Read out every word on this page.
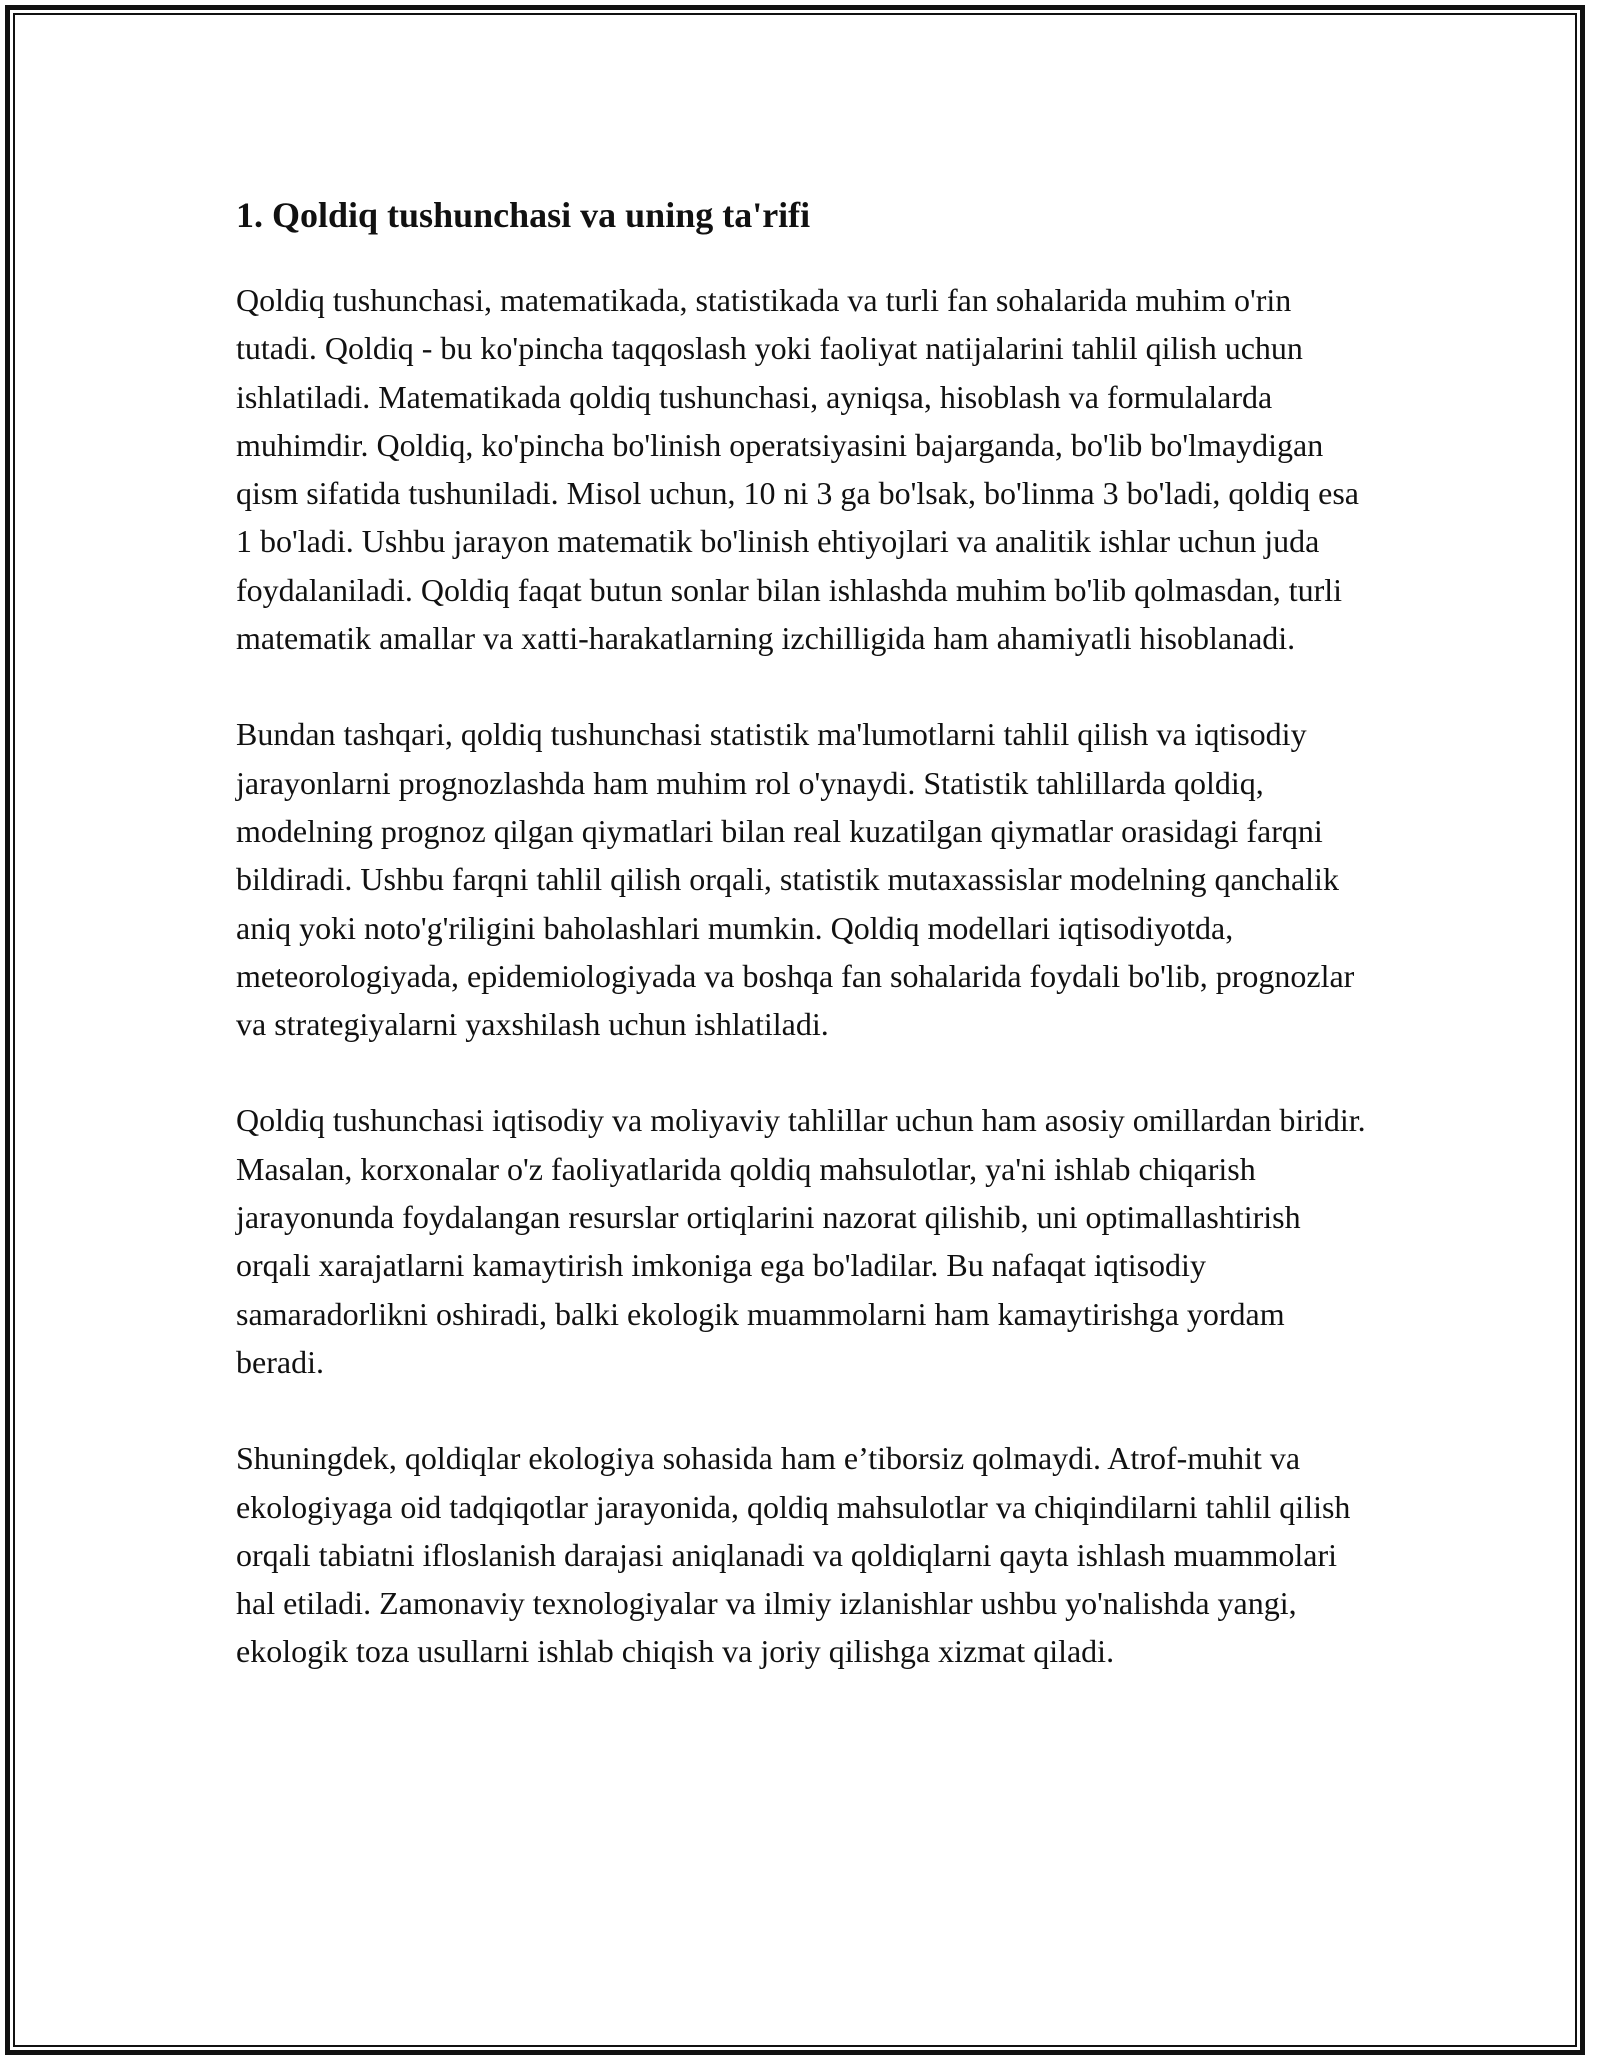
1. Qoldiq tushunchasi va uning ta'rifi

Qoldiq tushunchasi, matematikada, statistikada va turli fan sohalarida muhim o'rin tutadi. Qoldiq - bu ko'pincha taqqoslash yoki faoliyat natijalarini tahlil qilish uchun ishlatiladi. Matematikada qoldiq tushunchasi, ayniqsa, hisoblash va formulalarda muhimdir. Qoldiq, ko'pincha bo'linish operatsiyasini bajarganda, bo'lib bo'lmaydigan qism sifatida tushuniladi. Misol uchun, 10 ni 3 ga bo'lsak, bo'linma 3 bo'ladi, qoldiq esa 1 bo'ladi. Ushbu jarayon matematik bo'linish ehtiyojlari va analitik ishlar uchun juda foydalaniladi. Qoldiq faqat butun sonlar bilan ishlashda muhim bo'lib qolmasdan, turli matematik amallar va xatti-harakatlarning izchilligida ham ahamiyatli hisoblanadi.

Bundan tashqari, qoldiq tushunchasi statistik ma'lumotlarni tahlil qilish va iqtisodiy jarayonlarni prognozlashda ham muhim rol o'ynaydi. Statistik tahlillarda qoldiq, modelning prognoz qilgan qiymatlari bilan real kuzatilgan qiymatlar orasidagi farqni bildiradi. Ushbu farqni tahlil qilish orqali, statistik mutaxassislar modelning qanchalik aniq yoki noto'g'riligini baholashlari mumkin. Qoldiq modellari iqtisodiyotda, meteorologiyada, epidemiologiyada va boshqa fan sohalarida foydali bo'lib, prognozlar va strategiyalarni yaxshilash uchun ishlatiladi.

Qoldiq tushunchasi iqtisodiy va moliyaviy tahlillar uchun ham asosiy omillardan biridir. Masalan, korxonalar o'z faoliyatlarida qoldiq mahsulotlar, ya'ni ishlab chiqarish jarayonunda foydalangan resurslar ortiqlarini nazorat qilishib, uni optimallashtirish orqali xarajatlarni kamaytirish imkoniga ega bo'ladilar. Bu nafaqat iqtisodiy samaradorlikni oshiradi, balki ekologik muammolarni ham kamaytirishga yordam beradi.

Shuningdek, qoldiqlar ekologiya sohasida ham e’tiborsiz qolmaydi. Atrof-muhit va ekologiyaga oid tadqiqotlar jarayonida, qoldiq mahsulotlar va chiqindilarni tahlil qilish orqali tabiatni ifloslanish darajasi aniqlanadi va qoldiqlarni qayta ishlash muammolari hal etiladi. Zamonaviy texnologiyalar va ilmiy izlanishlar ushbu yo'nalishda yangi, ekologik toza usullarni ishlab chiqish va joriy qilishga xizmat qiladi.
